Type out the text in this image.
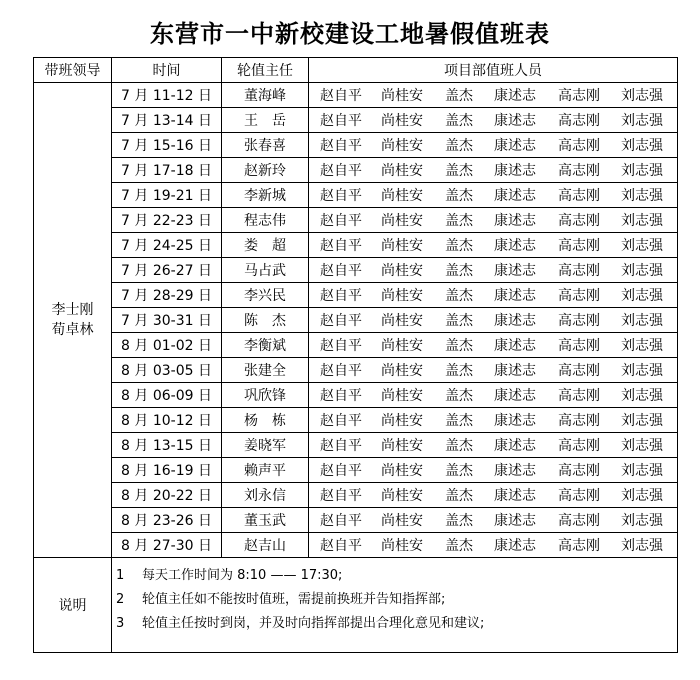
东营市一中新校建设工地暑假值班表
带班领导	时间	轮值主任	项目部值班人员

李士刚
荀卓林	7 月 11-12 日	董海峰	赵自平 尚桂安 盖杰 康述志 高志刚 刘志强
	7 月 13-14 日	王　岳	赵自平 尚桂安 盖杰 康述志 高志刚 刘志强
	7 月 15-16 日	张春喜	赵自平 尚桂安 盖杰 康述志 高志刚 刘志强
	7 月 17-18 日	赵新玲	赵自平 尚桂安 盖杰 康述志 高志刚 刘志强
	7 月 19-21 日	李新城	赵自平 尚桂安 盖杰 康述志 高志刚 刘志强
	7 月 22-23 日	程志伟	赵自平 尚桂安 盖杰 康述志 高志刚 刘志强
	7 月 24-25 日	娄　超	赵自平 尚桂安 盖杰 康述志 高志刚 刘志强
	7 月 26-27 日	马占武	赵自平 尚桂安 盖杰 康述志 高志刚 刘志强
	7 月 28-29 日	李兴民	赵自平 尚桂安 盖杰 康述志 高志刚 刘志强
	7 月 30-31 日	陈　杰	赵自平 尚桂安 盖杰 康述志 高志刚 刘志强
	8 月 01-02 日	李衡斌	赵自平 尚桂安 盖杰 康述志 高志刚 刘志强
	8 月 03-05 日	张建全	赵自平 尚桂安 盖杰 康述志 高志刚 刘志强
	8 月 06-09 日	巩欣锋	赵自平 尚桂安 盖杰 康述志 高志刚 刘志强
	8 月 10-12 日	杨　栋	赵自平 尚桂安 盖杰 康述志 高志刚 刘志强
	8 月 13-15 日	姜晓军	赵自平 尚桂安 盖杰 康述志 高志刚 刘志强
	8 月 16-19 日	赖声平	赵自平 尚桂安 盖杰 康述志 高志刚 刘志强
	8 月 20-22 日	刘永信	赵自平 尚桂安 盖杰 康述志 高志刚 刘志强
	8 月 23-26 日	董玉武	赵自平 尚桂安 盖杰 康述志 高志刚 刘志强
	8 月 27-30 日	赵吉山	赵自平 尚桂安 盖杰 康述志 高志刚 刘志强
说明	1 每天工作时间为 8:10 —— 17:30;
2 轮值主任如不能按时值班，需提前换班并告知指挥部;
3 轮值主任按时到岗，并及时向指挥部提出合理化意见和建议;		
